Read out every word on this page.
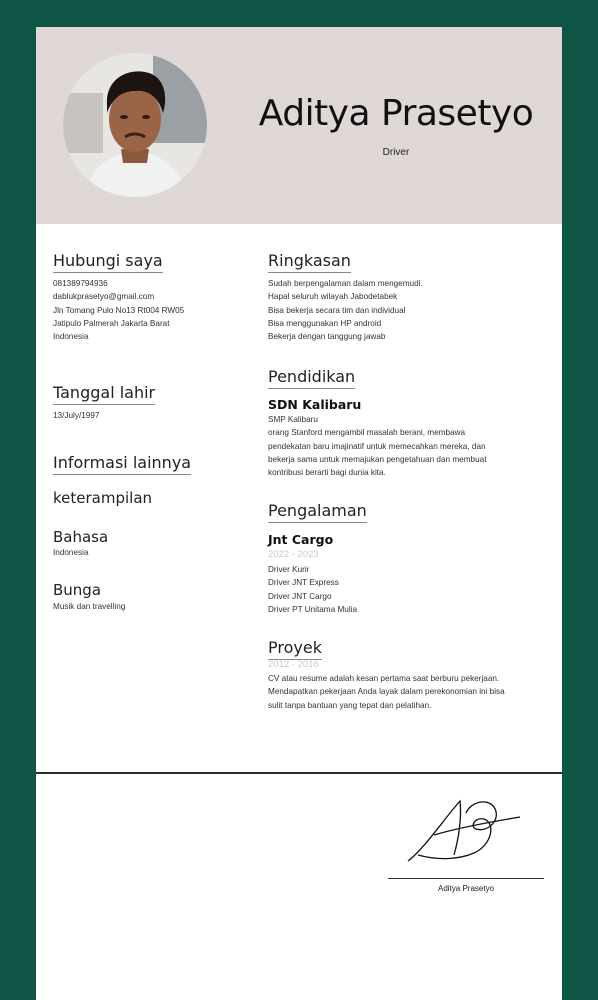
Aditya Prasetyo
Driver
Hubungi saya
081389794936
dablukprasetyo@gmail.com
Jln Tomang Pulo No13 Rt004 RW05
Jatipulo Palmerah Jakarta Barat
Indonesia
Tanggal lahir
13/July/1997
Informasi lainnya
keterampilan
Bahasa
Indonesia
Bunga
Musik dan travelling
Ringkasan
Sudah berpengalaman dalam mengemudi.
Hapal seluruh wilayah Jabodetabek
Bisa bekerja secara tim dan individual
Bisa menggunakan HP android
Bekerja dengan tanggung jawab
Pendidikan
SDN Kalibaru
SMP Kalibaru
orang Stanford mengambil masalah berani, membawa
pendekatan baru imajinatif untuk memecahkan mereka, dan
bekerja sama untuk memajukan pengetahuan dan membuat
kontribusi berarti bagi dunia kita.
Pengalaman
Jnt Cargo
2022 - 2023
Driver Kurir
Driver JNT Express
Driver JNT Cargo
Driver PT Unitama Mulia
Proyek
2012 - 2016
CV atau resume adalah kesan pertama saat berburu pekerjaan.
Mendapatkan pekerjaan Anda layak dalam perekonomian ini bisa
sulit tanpa bantuan yang tepat dan pelatihan.
Aditya Prasetyo
